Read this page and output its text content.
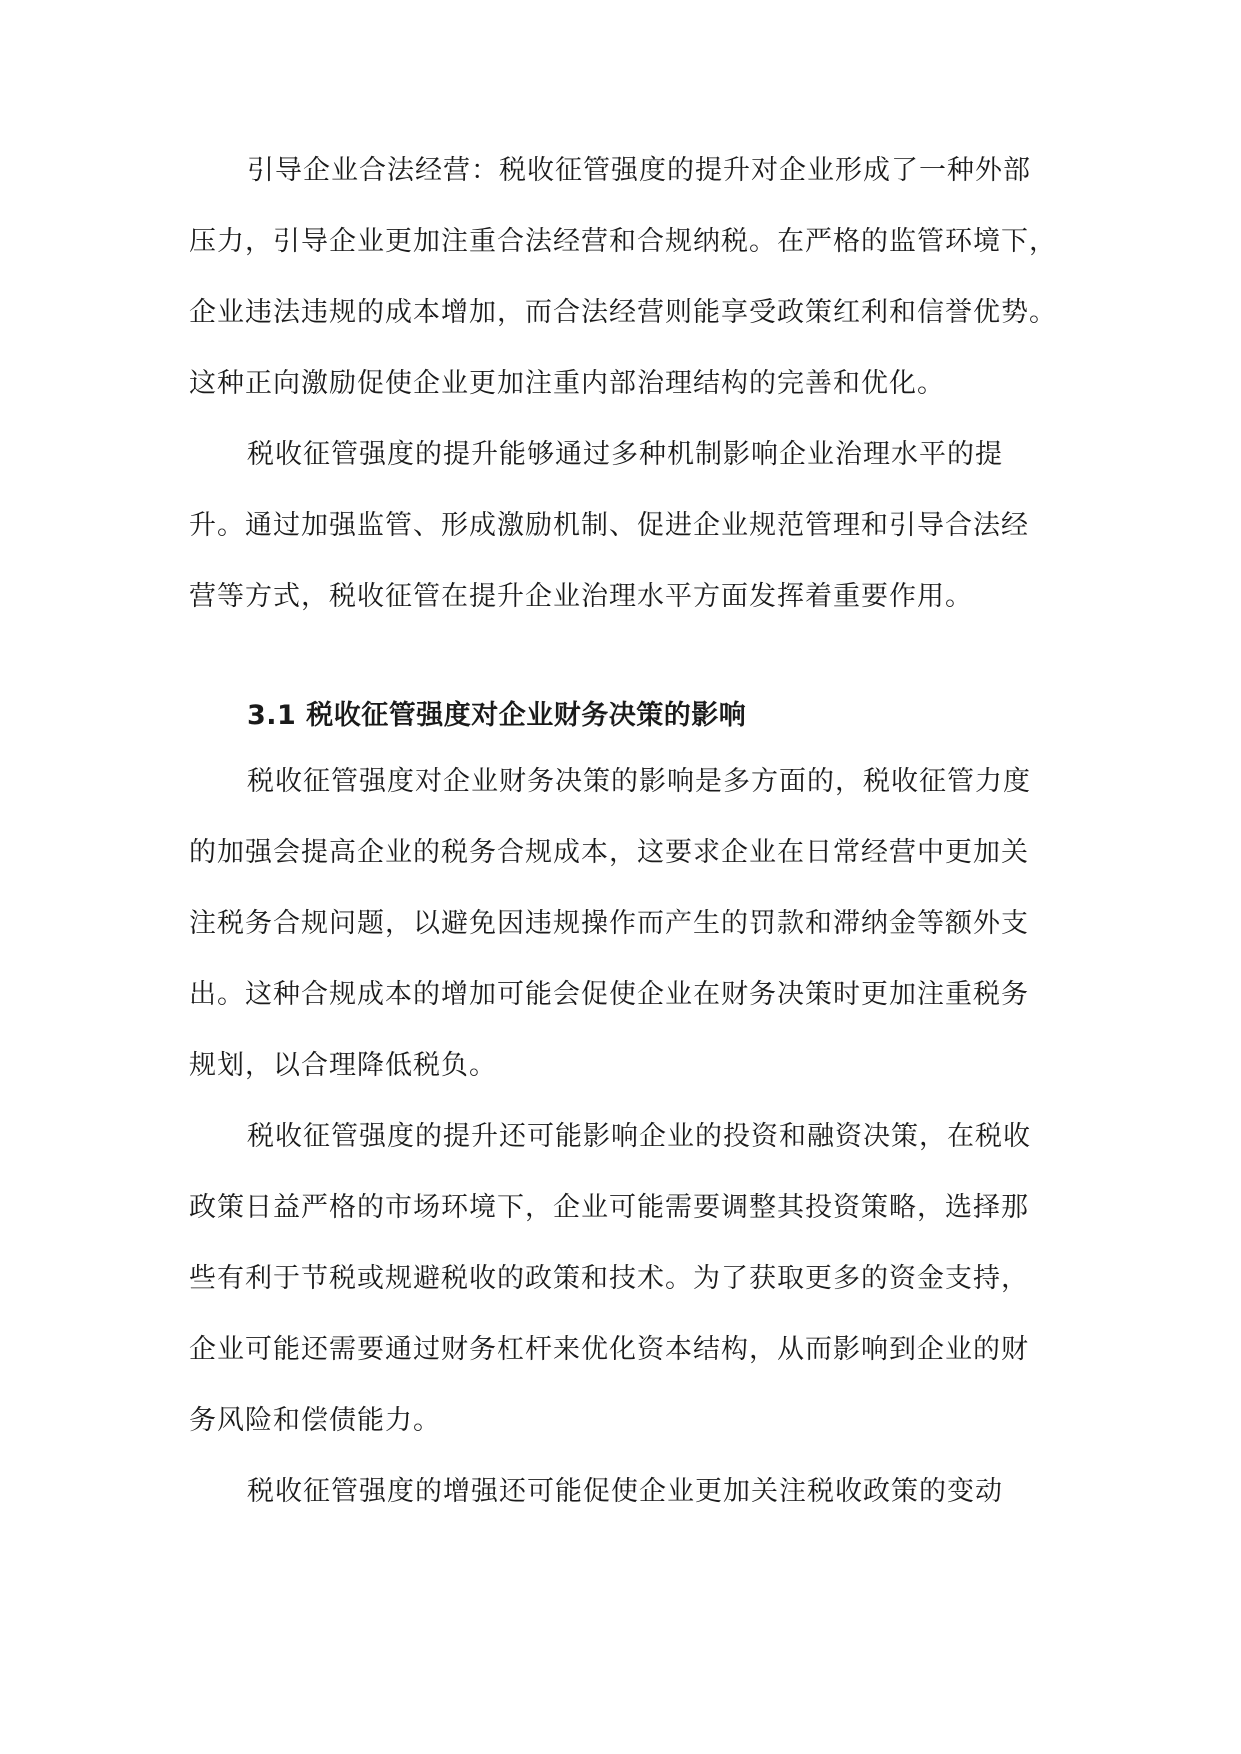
引导企业合法经营：税收征管强度的提升对企业形成了一种外部
压力，引导企业更加注重合法经营和合规纳税。在严格的监管环境下，
企业违法违规的成本增加，而合法经营则能享受政策红利和信誉优势。
这种正向激励促使企业更加注重内部治理结构的完善和优化。
税收征管强度的提升能够通过多种机制影响企业治理水平的提
升。通过加强监管、形成激励机制、促进企业规范管理和引导合法经
营等方式，税收征管在提升企业治理水平方面发挥着重要作用。
3.1 税收征管强度对企业财务决策的影响
税收征管强度对企业财务决策的影响是多方面的，税收征管力度
的加强会提高企业的税务合规成本，这要求企业在日常经营中更加关
注税务合规问题，以避免因违规操作而产生的罚款和滞纳金等额外支
出。这种合规成本的增加可能会促使企业在财务决策时更加注重税务
规划，以合理降低税负。
税收征管强度的提升还可能影响企业的投资和融资决策，在税收
政策日益严格的市场环境下，企业可能需要调整其投资策略，选择那
些有利于节税或规避税收的政策和技术。为了获取更多的资金支持，
企业可能还需要通过财务杠杆来优化资本结构，从而影响到企业的财
务风险和偿债能力。
税收征管强度的增强还可能促使企业更加关注税收政策的变动
